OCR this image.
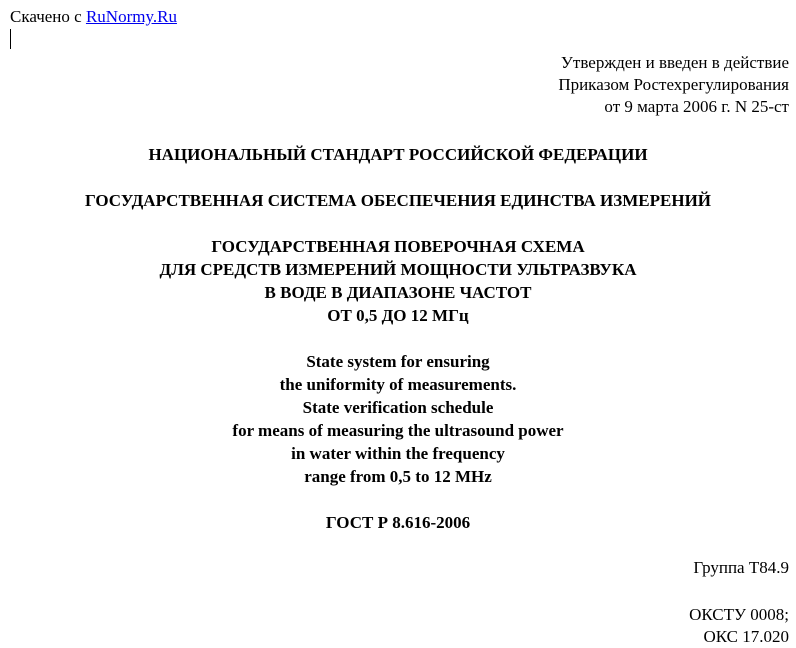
Скачено с RuNormy.Ru
Утвержден и введен в действие
Приказом Ростехрегулирования
от 9 марта 2006 г. N 25-ст
НАЦИОНАЛЬНЫЙ СТАНДАРТ РОССИЙСКОЙ ФЕДЕРАЦИИ
ГОСУДАРСТВЕННАЯ СИСТЕМА ОБЕСПЕЧЕНИЯ ЕДИНСТВА ИЗМЕРЕНИЙ
ГОСУДАРСТВЕННАЯ ПОВЕРОЧНАЯ СХЕМА
ДЛЯ СРЕДСТВ ИЗМЕРЕНИЙ МОЩНОСТИ УЛЬТРАЗВУКА
В ВОДЕ В ДИАПАЗОНЕ ЧАСТОТ
ОТ 0,5 ДО 12 МГц
State system for ensuring
the uniformity of measurements.
State verification schedule
for means of measuring the ultrasound power
in water within the frequency
range from 0,5 to 12 MHz
ГОСТ Р 8.616-2006
Группа Т84.9
ОКСТУ 0008;
ОКС 17.020
